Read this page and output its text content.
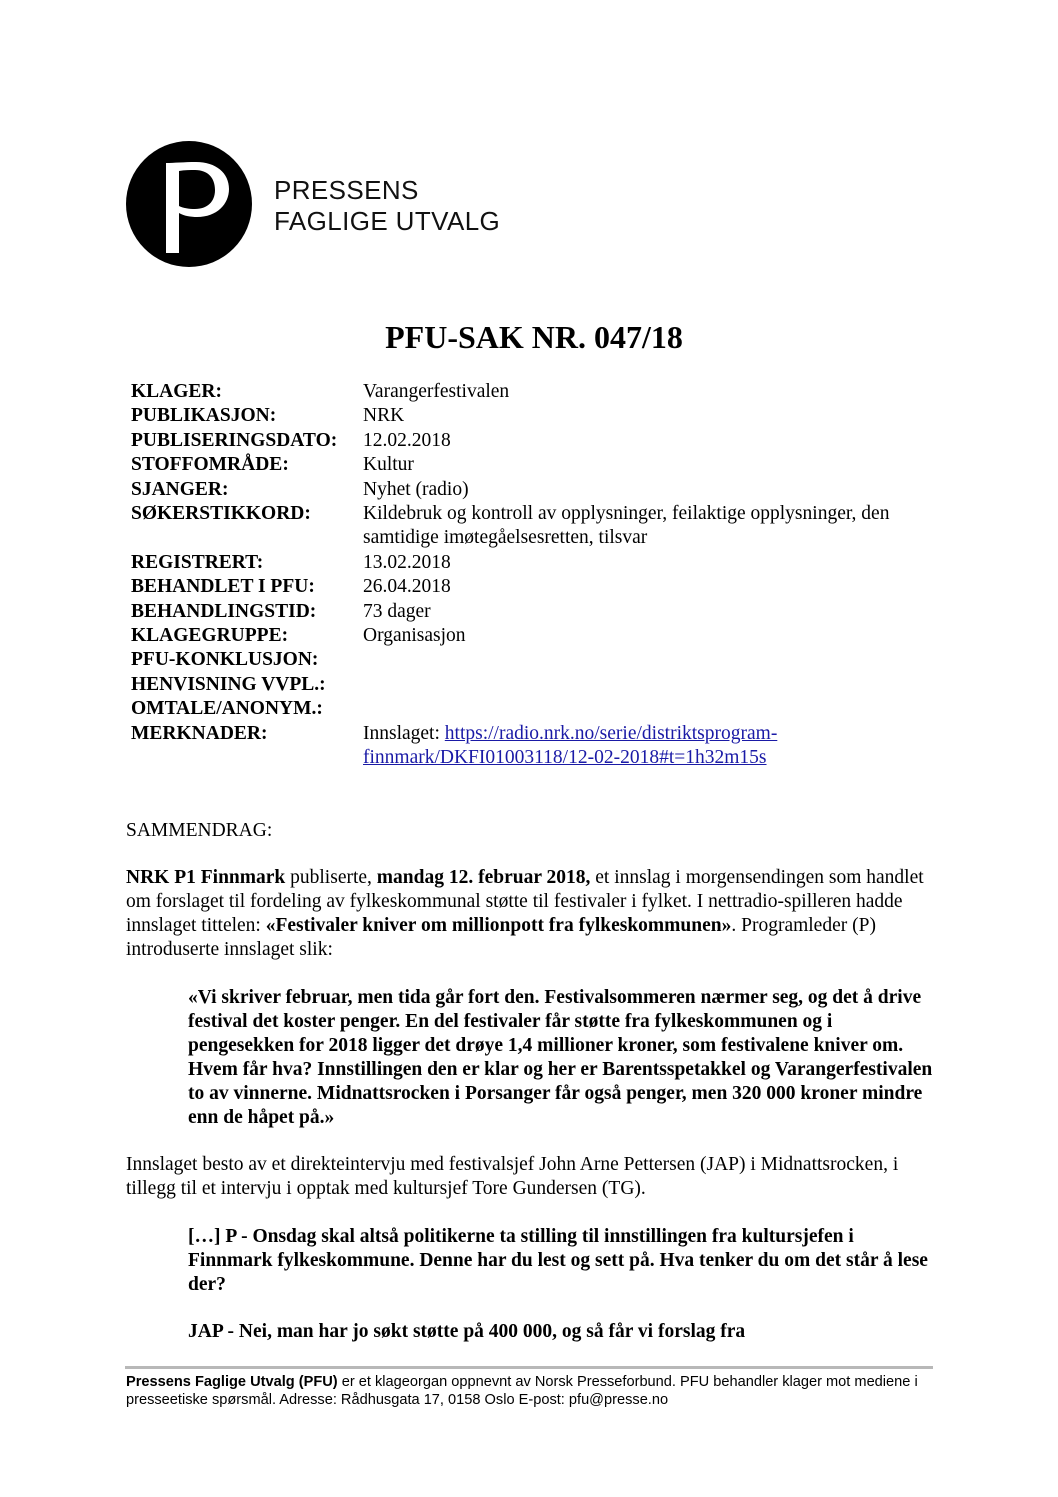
PRESSENS
FAGLIGE UTVALG
PFU-SAK NR. 047/18
KLAGER:	Varangerfestivalen
PUBLIKASJON:	NRK
PUBLISERINGSDATO:	12.02.2018
STOFFOMRÅDE:	Kultur
SJANGER:	Nyhet (radio)
SØKERSTIKKORD:	Kildebruk og kontroll av opplysninger, feilaktige opplysninger, den samtidige imøtegåelsesretten, tilsvar
REGISTRERT:	13.02.2018
BEHANDLET I PFU:	26.04.2018
BEHANDLINGSTID:	73 dager
KLAGEGRUPPE:	Organisasjon
PFU-KONKLUSJON:
HENVISNING VVPL.:
OMTALE/ANONYM.:
MERKNADER:	Innslaget: https://radio.nrk.no/serie/distriktsprogram-
finnmark/DKFI01003118/12-02-2018#t=1h32m15s
SAMMENDRAG:

NRK P1 Finnmark publiserte, mandag 12. februar 2018, et innslag i morgensendingen som handlet om forslaget til fordeling av fylkeskommunal støtte til festivaler i fylket. I nettradio-spilleren hadde innslaget tittelen: «Festivaler kniver om millionpott fra fylkeskommunen». Programleder (P) introduserte innslaget slik:

«Vi skriver februar, men tida går fort den. Festivalsommeren nærmer seg, og det å drive festival det koster penger. En del festivaler får støtte fra fylkeskommunen og i pengesekken for 2018 ligger det drøye 1,4 millioner kroner, som festivalene kniver om. Hvem får hva? Innstillingen den er klar og her er Barentsspetakkel og Varangerfestivalen to av vinnerne. Midnattsrocken i Porsanger får også penger, men 320 000 kroner mindre enn de håpet på.»
Innslaget besto av et direkteintervju med festivalsjef John Arne Pettersen (JAP) i Midnattsrocken, i tillegg til et intervju i opptak med kultursjef Tore Gundersen (TG).
[…] P - Onsdag skal altså politikerne ta stilling til innstillingen fra kultursjefen i Finnmark fylkeskommune. Denne har du lest og sett på. Hva tenker du om det står å lese der?
JAP - Nei, man har jo søkt støtte på 400 000, og så får vi forslag fra
Pressens Faglige Utvalg (PFU) er et klageorgan oppnevnt av Norsk Presseforbund. PFU behandler klager mot mediene i presseetiske spørsmål. Adresse: Rådhusgata 17, 0158 Oslo E-post: pfu@presse.no
